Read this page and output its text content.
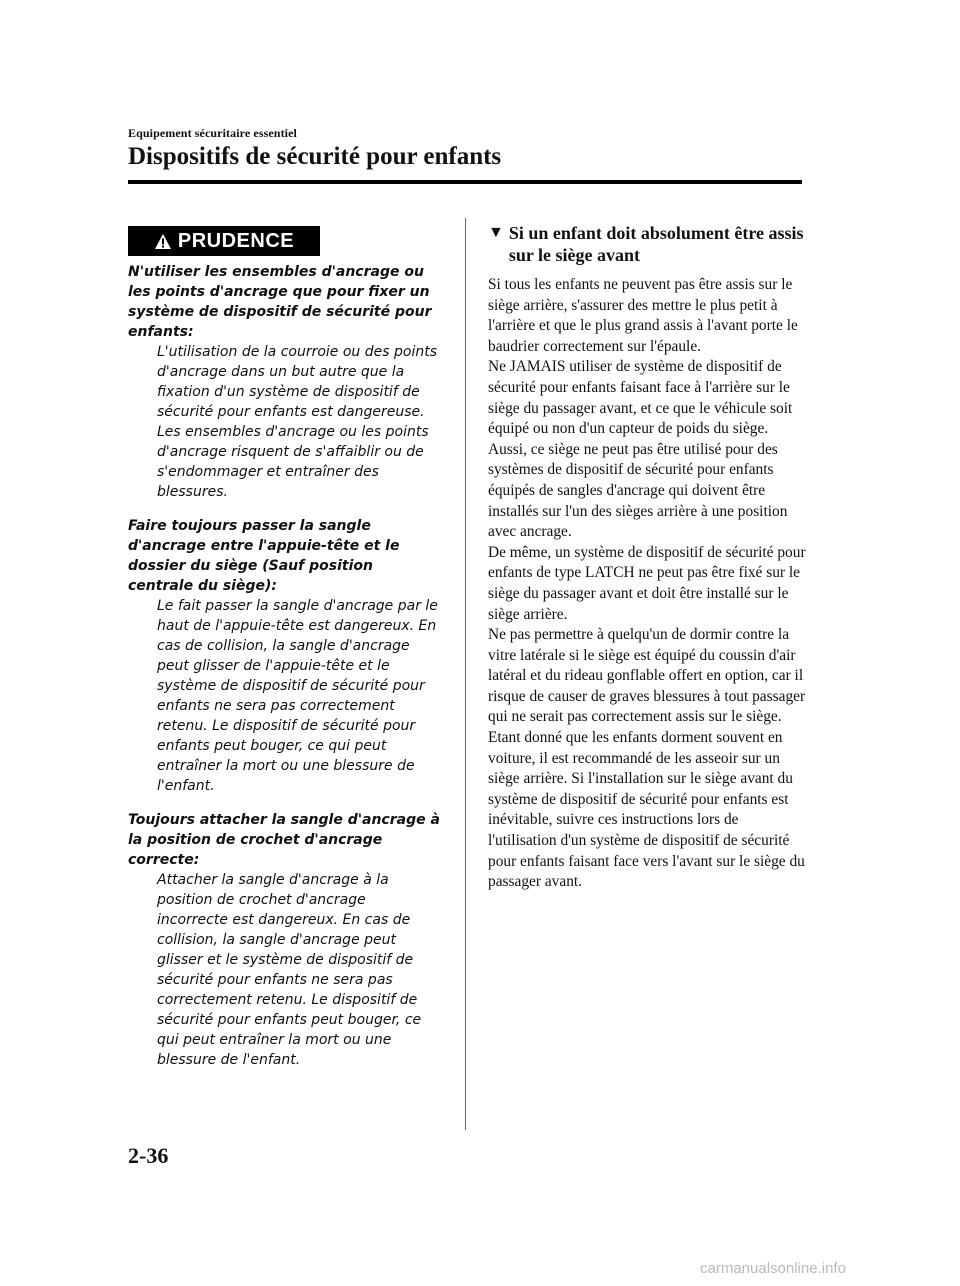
Equipement sécuritaire essentiel
Dispositifs de sécurité pour enfants
PRUDENCE

N'utiliser les ensembles d'ancrage ou les points d'ancrage que pour fixer un système de dispositif de sécurité pour enfants:

L'utilisation de la courroie ou des points d'ancrage dans un but autre que la fixation d'un système de dispositif de sécurité pour enfants est dangereuse. Les ensembles d'ancrage ou les points d'ancrage risquent de s'affaiblir ou de s'endommager et entraîner des blessures.

Faire toujours passer la sangle d'ancrage entre l'appuie-tête et le dossier du siège (Sauf position centrale du siège):

Le fait passer la sangle d'ancrage par le haut de l'appuie-tête est dangereux. En cas de collision, la sangle d'ancrage peut glisser de l'appuie-tête et le système de dispositif de sécurité pour enfants ne sera pas correctement retenu. Le dispositif de sécurité pour enfants peut bouger, ce qui peut entraîner la mort ou une blessure de l'enfant.

Toujours attacher la sangle d'ancrage à la position de crochet d'ancrage correcte:

Attacher la sangle d'ancrage à la position de crochet d'ancrage incorrecte est dangereux. En cas de collision, la sangle d'ancrage peut glisser et le système de dispositif de sécurité pour enfants ne sera pas correctement retenu. Le dispositif de sécurité pour enfants peut bouger, ce qui peut entraîner la mort ou une blessure de l'enfant.

▼ Si un enfant doit absolument être assis sur le siège avant

Si tous les enfants ne peuvent pas être assis sur le siège arrière, s'assurer des mettre le plus petit à l'arrière et que le plus grand assis à l'avant porte le baudrier correctement sur l'épaule.

Ne JAMAIS utiliser de système de dispositif de sécurité pour enfants faisant face à l'arrière sur le siège du passager avant, et ce que le véhicule soit équipé ou non d'un capteur de poids du siège.

Aussi, ce siège ne peut pas être utilisé pour des systèmes de dispositif de sécurité pour enfants équipés de sangles d'ancrage qui doivent être installés sur l'un des sièges arrière à une position avec ancrage.

De même, un système de dispositif de sécurité pour enfants de type LATCH ne peut pas être fixé sur le siège du passager avant et doit être installé sur le siège arrière.

Ne pas permettre à quelqu'un de dormir contre la vitre latérale si le siège est équipé du coussin d'air latéral et du rideau gonflable offert en option, car il risque de causer de graves blessures à tout passager qui ne serait pas correctement assis sur le siège. Etant donné que les enfants dorment souvent en voiture, il est recommandé de les asseoir sur un siège arrière. Si l'installation sur le siège avant du système de dispositif de sécurité pour enfants est inévitable, suivre ces instructions lors de l'utilisation d'un système de dispositif de sécurité pour enfants faisant face vers l'avant sur le siège du passager avant.

2-36
carmanualsonline.info
